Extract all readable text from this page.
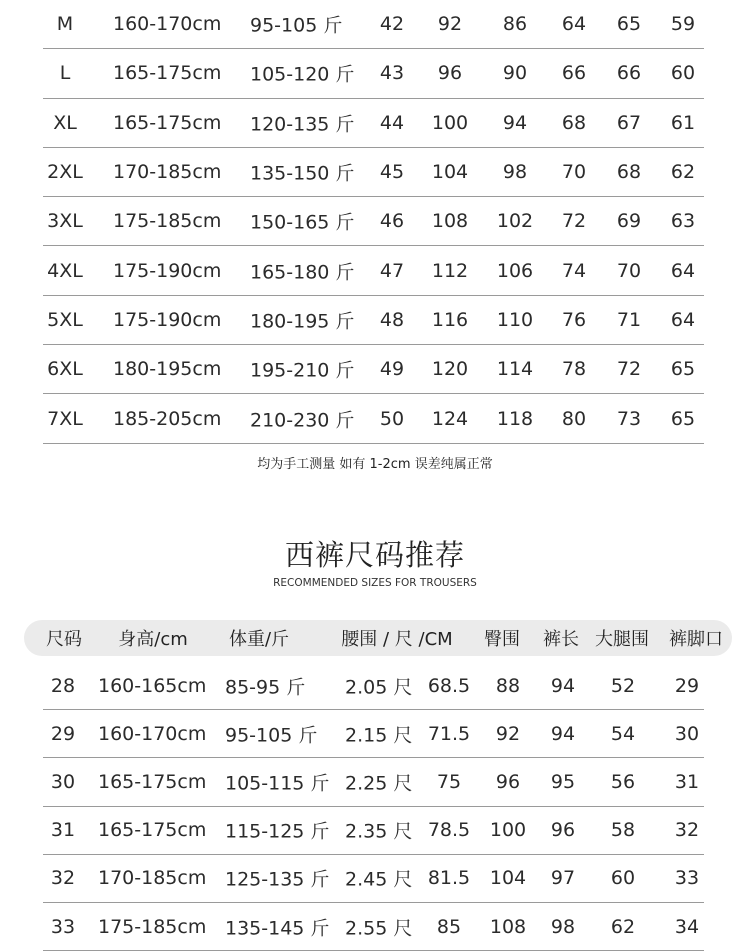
M 160-170cm 95-105 斤 42 92 86 64 65 59
L 165-175cm 105-120 斤 43 96 90 66 66 60
XL 165-175cm 120-135 斤 44 100 94 68 67 61
2XL 170-185cm 135-150 斤 45 104 98 70 68 62
3XL 175-185cm 150-165 斤 46 108 102 72 69 63
4XL 175-190cm 165-180 斤 47 112 106 74 70 64
5XL 175-190cm 180-195 斤 48 116 110 76 71 64
6XL 180-195cm 195-210 斤 49 120 114 78 72 65
7XL 185-205cm 210-230 斤 50 124 118 80 73 65
均为手工测量 如有 1-2cm 误差纯属正常
西裤尺码推荐
RECOMMENDED SIZES FOR TROUSERS
尺码 身高/cm 体重/斤	腰围 / 尺 /CM 臀围 裤长 大腿围 裤脚口
28 160-165cm 85-95 斤 2.05 尺 68.5 88 94 52 29
29 160-170cm 95-105 斤 2.15 尺 71.5 92 94 54 30
30 165-175cm 105-115 斤 2.25 尺 75 96 95 56 31
31 165-175cm 115-125 斤 2.35 尺 78.5 100 96 58 32
32 170-185cm 125-135 斤 2.45 尺 81.5 104 97 60 33
33 175-185cm 135-145 斤 2.55 尺 85 108 98 62 34
